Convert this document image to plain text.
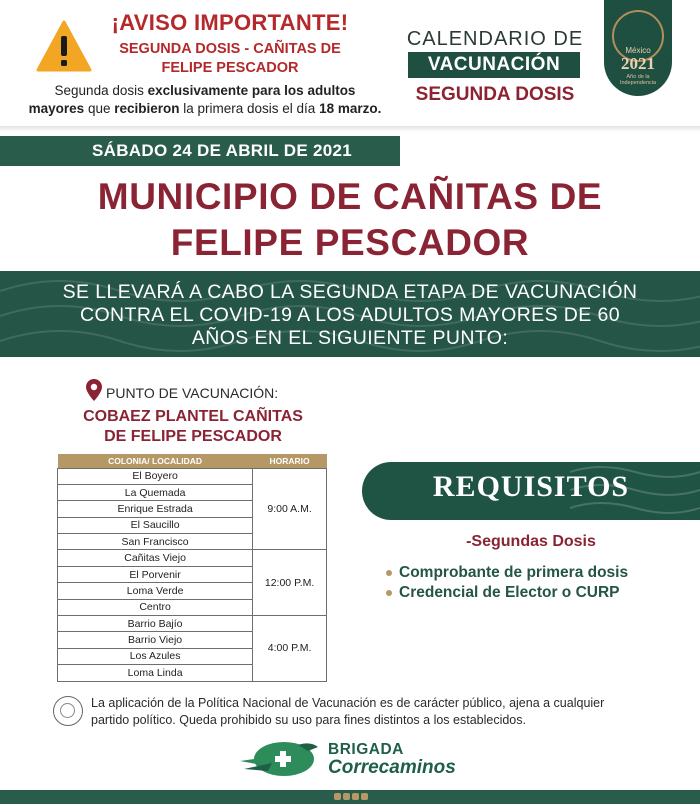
¡AVISO IMPORTANTE!
SEGUNDA DOSIS - CAÑITAS DE
FELIPE PESCADOR
Segunda dosis exclusivamente para los adultos
mayores que recibieron la primera dosis el día 18 marzo.
CALENDARIO DE
VACUNACIÓN
SEGUNDA DOSIS
México
2021
Año de la Independencia
SÁBADO 24 DE ABRIL DE 2021
MUNICIPIO DE CAÑITAS DE
FELIPE PESCADOR
SE LLEVARÁ A CABO LA SEGUNDA ETAPA DE VACUNACIÓN
CONTRA EL COVID-19 A LOS ADULTOS MAYORES DE 60
AÑOS EN EL SIGUIENTE PUNTO:
PUNTO DE VACUNACIÓN:
COBAEZ PLANTEL CAÑITAS
DE FELIPE PESCADOR
COLONIA/ LOCALIDAD	HORARIO
El Boyero	9:00 A.M.
La Quemada	
Enrique Estrada	
El Saucillo	
San Francisco	
Cañitas Viejo	12:00 P.M.
El Porvenir	
Loma Verde	
Centro	
Barrio Bajío	4:00 P.M.
Barrio Viejo	
Los Azules	
Loma Linda	
REQUISITOS
-Segundas Dosis
Comprobante de primera dosis
Credencial de Elector o CURP
La aplicación de la Política Nacional de Vacunación es de carácter público, ajena a cualquier
partido político. Queda prohibido su uso para fines distintos a los establecidos.
BRIGADA
Correcaminos
